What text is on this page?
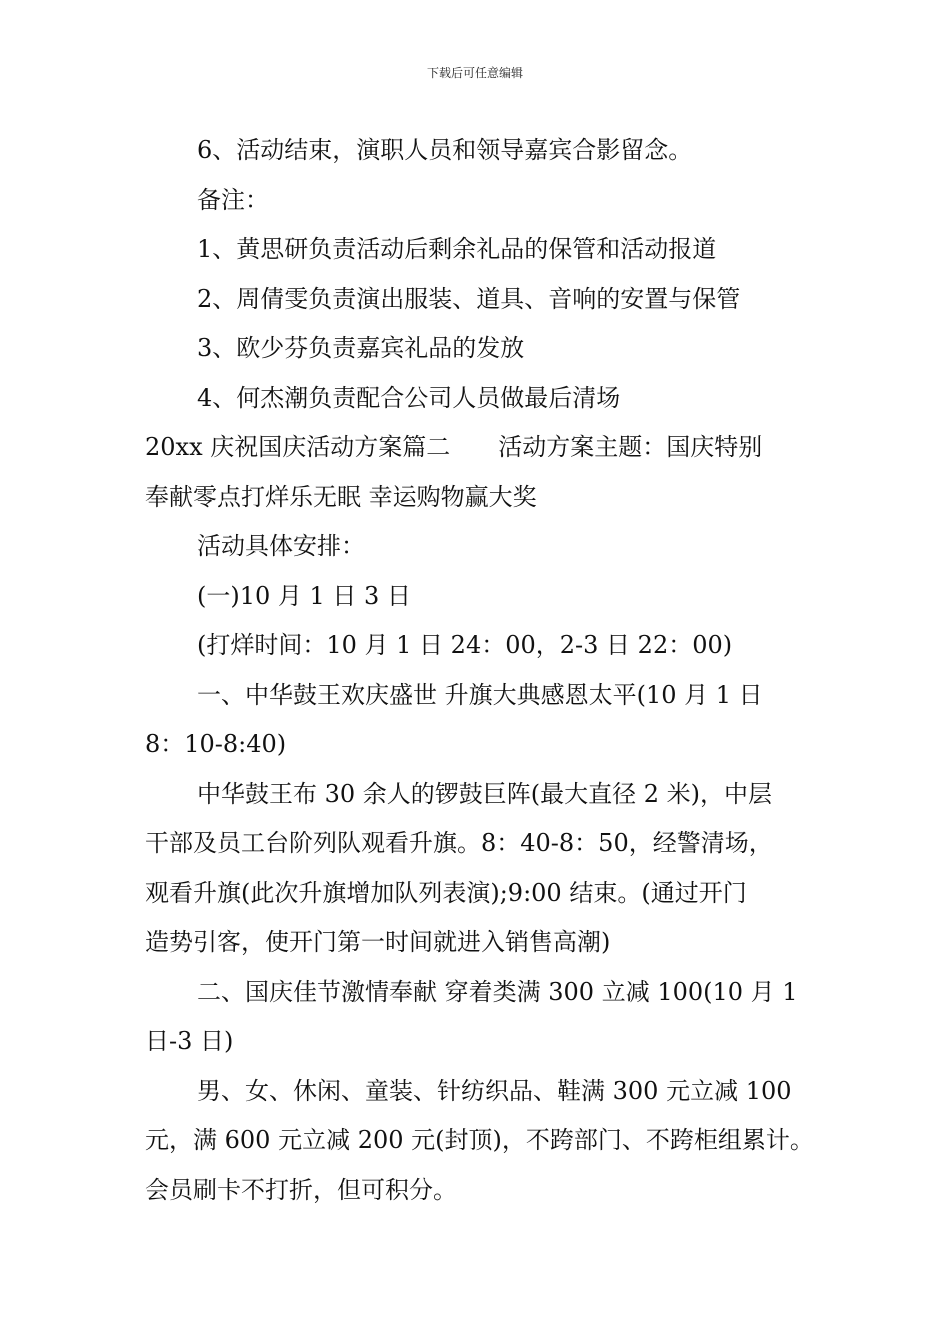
下载后可任意编辑

6、活动结束，演职人员和领导嘉宾合影留念。

备注：

1、黄思研负责活动后剩余礼品的保管和活动报道

2、周倩雯负责演出服装、道具、音响的安置与保管

3、欧少芬负责嘉宾礼品的发放

4、何杰潮负责配合公司人员做最后清场

20xx 庆祝国庆活动方案篇二　　活动方案主题：国庆特别

奉献零点打烊乐无眠 幸运购物赢大奖

活动具体安排：

(一)10 月 1 日 3 日

(打烊时间：10 月 1 日 24：00，2-3 日 22：00)

一、中华鼓王欢庆盛世 升旗大典感恩太平(10 月 1 日

8：10-8:40)

中华鼓王布 30 余人的锣鼓巨阵(最大直径 2 米)，中层

干部及员工台阶列队观看升旗。8：40-8：50，经警清场，

观看升旗(此次升旗增加队列表演);9:00 结束。(通过开门

造势引客，使开门第一时间就进入销售高潮)

二、国庆佳节激情奉献 穿着类满 300 立减 100(10 月 1

日-3 日)

男、女、休闲、童装、针纺织品、鞋满 300 元立减 100

元，满 600 元立减 200 元(封顶)，不跨部门、不跨柜组累计。

会员刷卡不打折，但可积分。
